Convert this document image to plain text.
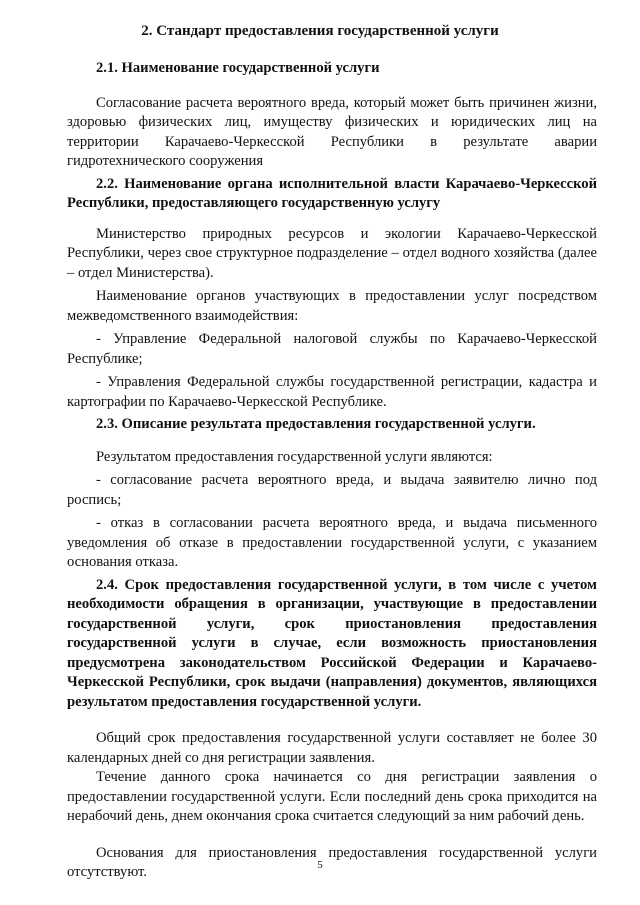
2. Стандарт предоставления государственной услуги

2.1. Наименование государственной услуги

Согласование расчета вероятного вреда, который может быть причинен жизни, здоровью физических лиц, имуществу физических и юридических лиц на территории Карачаево-Черкесской Республики в результате аварии гидротехнического сооружения

2.2. Наименование органа исполнительной власти Карачаево-Черкесской Республики, предоставляющего государственную услугу

Министерство природных ресурсов и экологии Карачаево-Черкесской Республики, через свое структурное подразделение – отдел водного хозяйства (далее – отдел Министерства).

Наименование органов участвующих в предоставлении услуг посредством межведомственного взаимодействия:

- Управление Федеральной налоговой службы по Карачаево-Черкесской Республике;

- Управления Федеральной службы государственной регистрации, кадастра и картографии по Карачаево-Черкесской Республике.

2.3. Описание результата предоставления государственной услуги.

Результатом предоставления государственной услуги являются:

- согласование расчета вероятного вреда, и выдача заявителю лично под роспись;

- отказ в согласовании расчета вероятного вреда, и выдача письменного уведомления об отказе в предоставлении государственной услуги, с указанием основания отказа.

2.4. Срок предоставления государственной услуги, в том числе с учетом необходимости обращения в организации, участвующие в предоставлении государственной услуги, срок приостановления предоставления государственной услуги в случае, если возможность приостановления предусмотрена законодательством Российской Федерации и Карачаево-Черкесской Республики, срок выдачи (направления) документов, являющихся результатом предоставления государственной услуги.

Общий срок предоставления государственной услуги составляет не более 30 календарных дней со дня регистрации заявления.

Течение данного срока начинается со дня регистрации заявления о предоставлении государственной услуги. Если последний день срока приходится на нерабочий день, днем окончания срока считается следующий за ним рабочий день.

Основания для приостановления предоставления государственной услуги отсутствуют.	5
